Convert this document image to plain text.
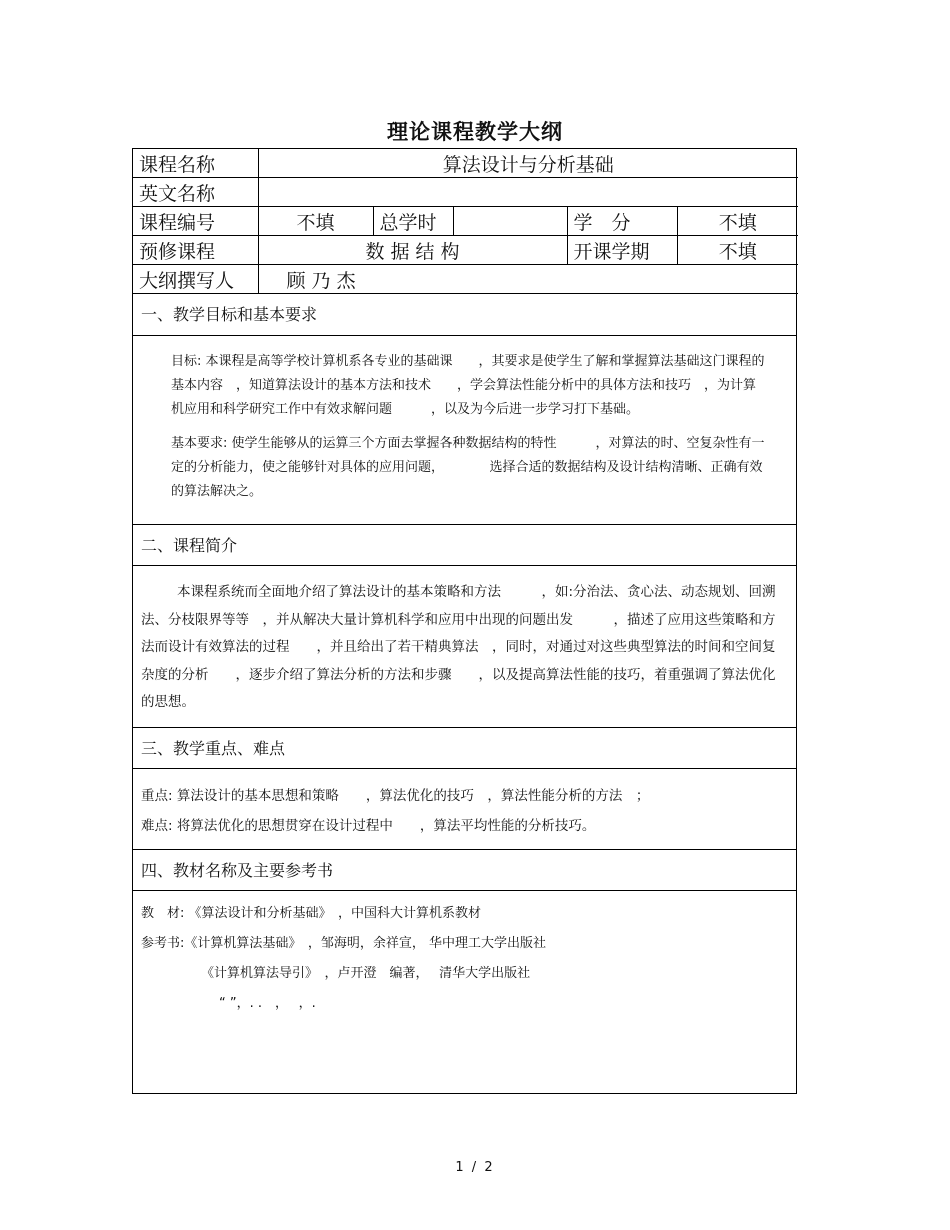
理论课程教学大纲
课程名称	算法设计与分析基础				
英文名称					
课程编号	不填	总学时		学　分	不填
预修课程	数 据 结 构			开课学期	不填
大纲撰写人	顾 乃 杰				
一、教学目标和基本要求

目标: 本课程是高等学校计算机系各专业的基础课　　，其要求是使学生了解和掌握算法基础这门课程的基本内容　，知道算法设计的基本方法和技术　　，学会算法性能分析中的具体方法和技巧　，为计算机应用和科学研究工作中有效求解问题　　　，以及为今后进一步学习打下基础。

基本要求: 使学生能够从的运算三个方面去掌握各种数据结构的特性　　　，对算法的时、空复杂性有一定的分析能力，使之能够针对具体的应用问题，　　　　选择合适的数据结构及设计结构清晰、正确有效的算法解决之。

二、课程简介

本课程系统而全面地介绍了算法设计的基本策略和方法　　　，如:分治法、贪心法、动态规划、回溯法、分枝限界等等　，并从解决大量计算机科学和应用中出现的问题出发　　　，描述了应用这些策略和方法而设计有效算法的过程　　，并且给出了若干精典算法　，同时，对通过对这些典型算法的时间和空间复杂度的分析　　，逐步介绍了算法分析的方法和步骤　　，以及提高算法性能的技巧，着重强调了算法优化的思想。

三、教学重点、难点

重点: 算法设计的基本思想和策略　　，算法优化的技巧　，算法性能分析的方法　；

难点: 将算法优化的思想贯穿在设计过程中　　，算法平均性能的分析技巧。

四、教材名称及主要参考书

教　材: 《算法设计和分析基础》　，中国科大计算机系教材

参考书:《计算机算法基础》　，邹海明，余祥宣， 华中理工大学出版社

《计算机算法导引》　，卢开澄　编著，　 清华大学出版社

“ ”，. .　，　 ，.

1 / 2
